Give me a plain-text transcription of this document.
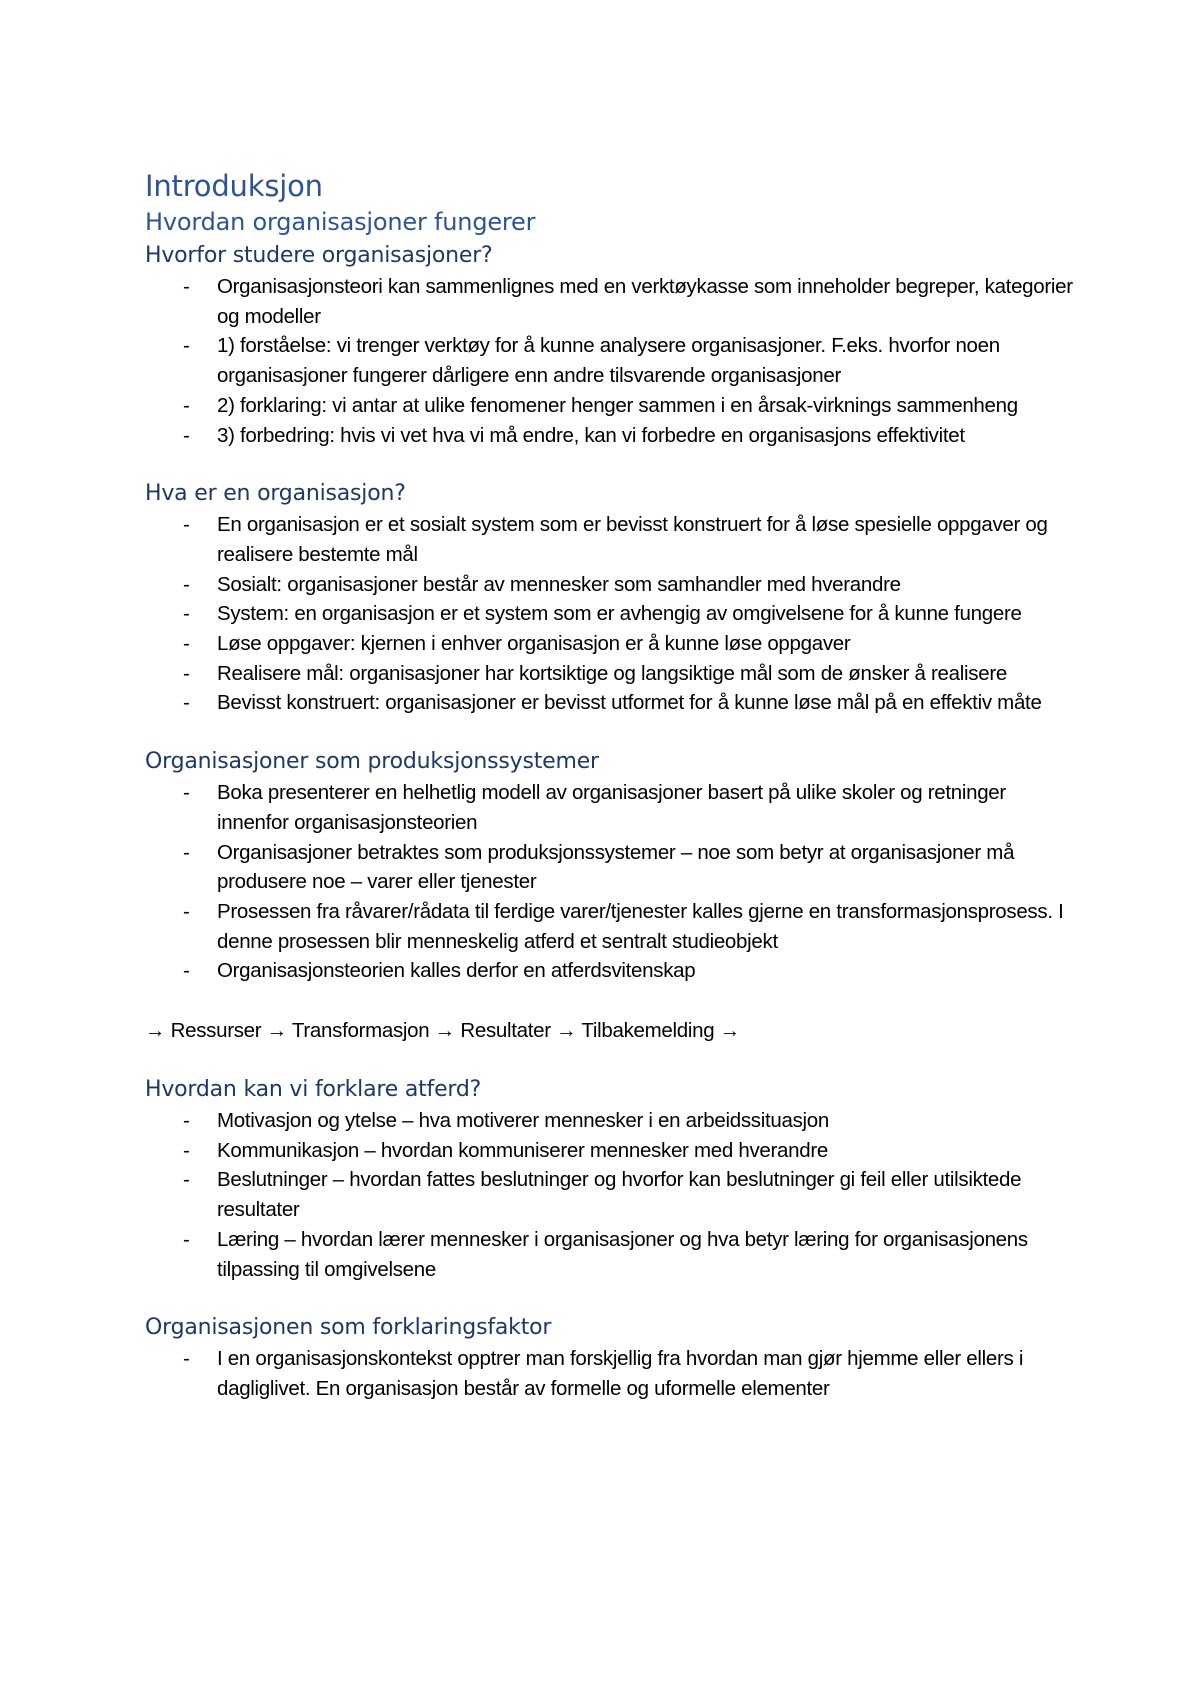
Introduksjon
Hvordan organisasjoner fungerer
Hvorfor studere organisasjoner?
- Organisasjonsteori kan sammenlignes med en verktøykasse som inneholder begreper, kategorier og modeller
- 1) forståelse: vi trenger verktøy for å kunne analysere organisasjoner. F.eks. hvorfor noen organisasjoner fungerer dårligere enn andre tilsvarende organisasjoner
- 2) forklaring: vi antar at ulike fenomener henger sammen i en årsak-virknings sammenheng
- 3) forbedring: hvis vi vet hva vi må endre, kan vi forbedre en organisasjons effektivitet
Hva er en organisasjon?
- En organisasjon er et sosialt system som er bevisst konstruert for å løse spesielle oppgaver og realisere bestemte mål
- Sosialt: organisasjoner består av mennesker som samhandler med hverandre
- System: en organisasjon er et system som er avhengig av omgivelsene for å kunne fungere
- Løse oppgaver: kjernen i enhver organisasjon er å kunne løse oppgaver
- Realisere mål: organisasjoner har kortsiktige og langsiktige mål som de ønsker å realisere
- Bevisst konstruert: organisasjoner er bevisst utformet for å kunne løse mål på en effektiv måte
Organisasjoner som produksjonssystemer
- Boka presenterer en helhetlig modell av organisasjoner basert på ulike skoler og retninger innenfor organisasjonsteorien
- Organisasjoner betraktes som produksjonssystemer – noe som betyr at organisasjoner må produsere noe – varer eller tjenester
- Prosessen fra råvarer/rådata til ferdige varer/tjenester kalles gjerne en transformasjonsprosess. I denne prosessen blir menneskelig atferd et sentralt studieobjekt
- Organisasjonsteorien kalles derfor en atferdsvitenskap
→ Ressurser → Transformasjon → Resultater → Tilbakemelding →
Hvordan kan vi forklare atferd?
- Motivasjon og ytelse – hva motiverer mennesker i en arbeidssituasjon
- Kommunikasjon – hvordan kommuniserer mennesker med hverandre
- Beslutninger – hvordan fattes beslutninger og hvorfor kan beslutninger gi feil eller utilsiktede resultater
- Læring – hvordan lærer mennesker i organisasjoner og hva betyr læring for organisasjonens tilpassing til omgivelsene
Organisasjonen som forklaringsfaktor
- I en organisasjonskontekst opptrer man forskjellig fra hvordan man gjør hjemme eller ellers i dagliglivet. En organisasjon består av formelle og uformelle elementer
